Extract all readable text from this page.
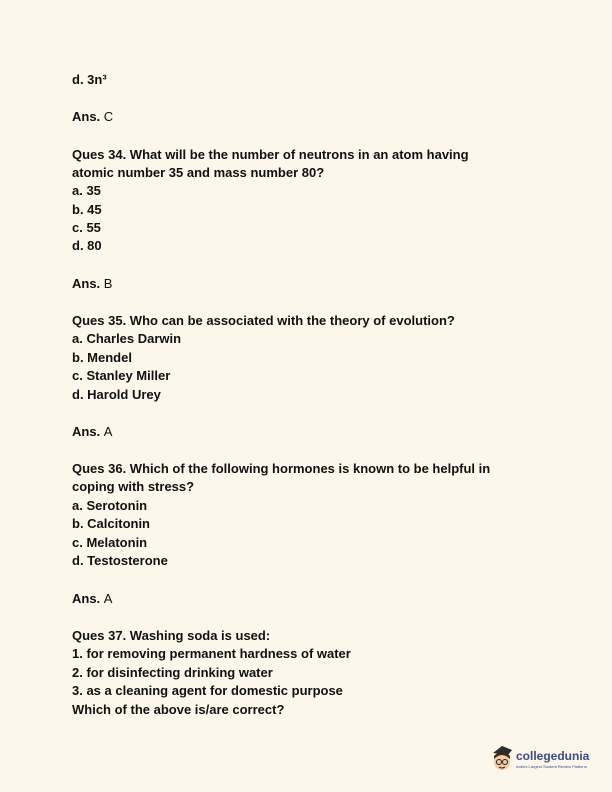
d. 3n³
Ans. C
Ques 34. What will be the number of neutrons in an atom having
atomic number 35 and mass number 80?
a. 35
b. 45
c. 55
d. 80
Ans. B
Ques 35. Who can be associated with the theory of evolution?
a. Charles Darwin
b. Mendel
c. Stanley Miller
d. Harold Urey
Ans. A
Ques 36. Which of the following hormones is known to be helpful in
coping with stress?
a. Serotonin
b. Calcitonin
c. Melatonin
d. Testosterone
Ans. A
Ques 37. Washing soda is used:
1. for removing permanent hardness of water
2. for disinfecting drinking water
3. as a cleaning agent for domestic purpose
Which of the above is/are correct?
collegedunia
India's Largest Student Review Platform
